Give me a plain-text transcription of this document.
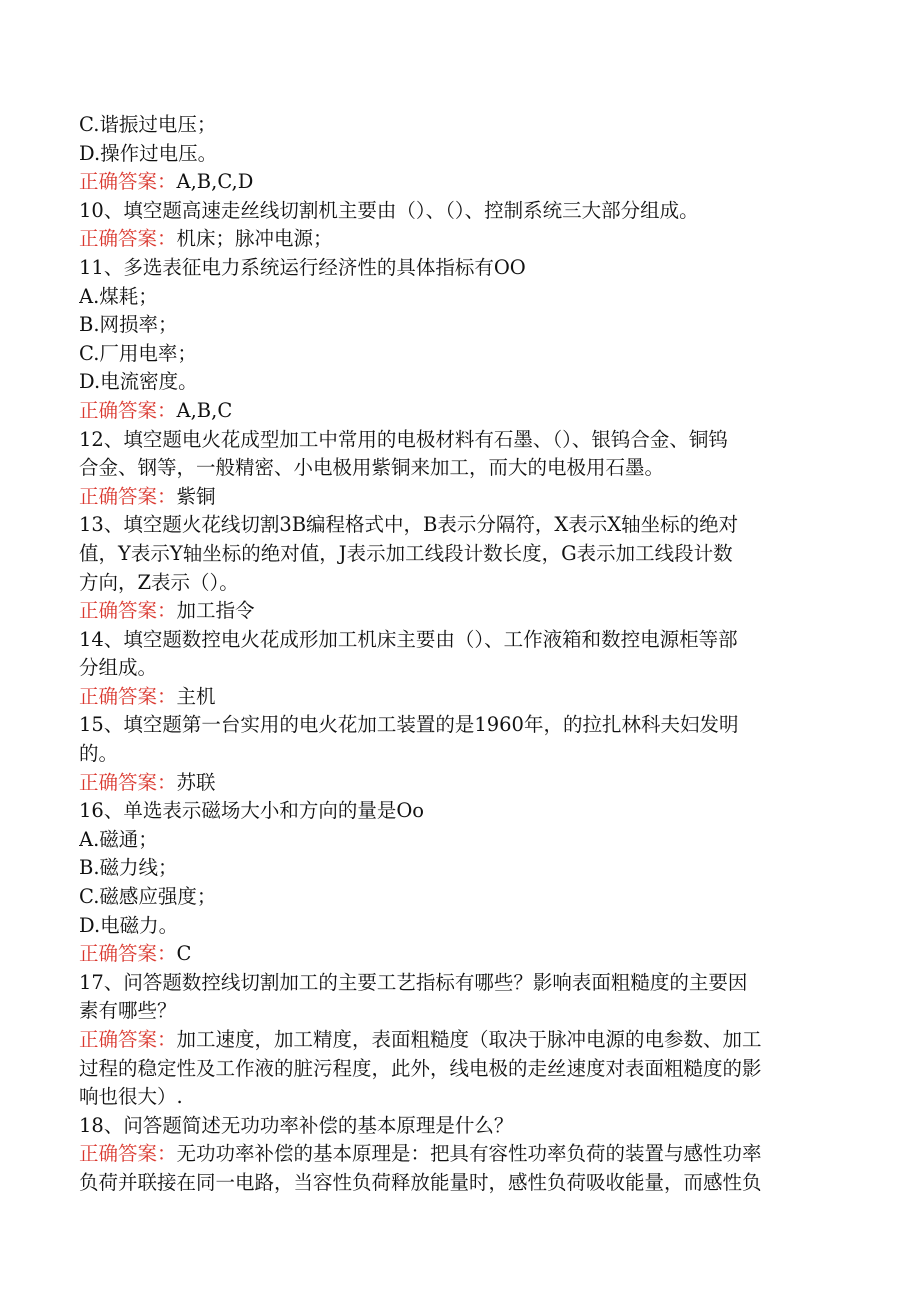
C.谐振过电压；
D.操作过电压。
正确答案：A,B,C,D
10、填空题高速走丝线切割机主要由（）、（）、控制系统三大部分组成。
正确答案：机床；脉冲电源；
11、多选表征电力系统运行经济性的具体指标有OO
A.煤耗；
B.网损率；
C.厂用电率；
D.电流密度。
正确答案：A,B,C
12、填空题电火花成型加工中常用的电极材料有石墨、（）、银钨合金、铜钨
合金、钢等，一般精密、小电极用紫铜来加工，而大的电极用石墨。
正确答案：紫铜
13、填空题火花线切割3B编程格式中，B表示分隔符，X表示X轴坐标的绝对
值，Y表示Y轴坐标的绝对值，J表示加工线段计数长度，G表示加工线段计数
方向，Z表示（）。
正确答案：加工指令
14、填空题数控电火花成形加工机床主要由（）、工作液箱和数控电源柜等部
分组成。
正确答案：主机
15、填空题第一台实用的电火花加工装置的是1960年，的拉扎林科夫妇发明
的。
正确答案：苏联
16、单选表示磁场大小和方向的量是Oo
A.磁通；
B.磁力线；
C.磁感应强度；
D.电磁力。
正确答案：C
17、问答题数控线切割加工的主要工艺指标有哪些？影响表面粗糙度的主要因
素有哪些？
正确答案：加工速度，加工精度，表面粗糙度（取决于脉冲电源的电参数、加工
过程的稳定性及工作液的脏污程度，此外，线电极的走丝速度对表面粗糙度的影
响也很大）.
18、问答题简述无功功率补偿的基本原理是什么？
正确答案：无功功率补偿的基本原理是：把具有容性功率负荷的装置与感性功率
负荷并联接在同一电路，当容性负荷释放能量时，感性负荷吸收能量，而感性负
